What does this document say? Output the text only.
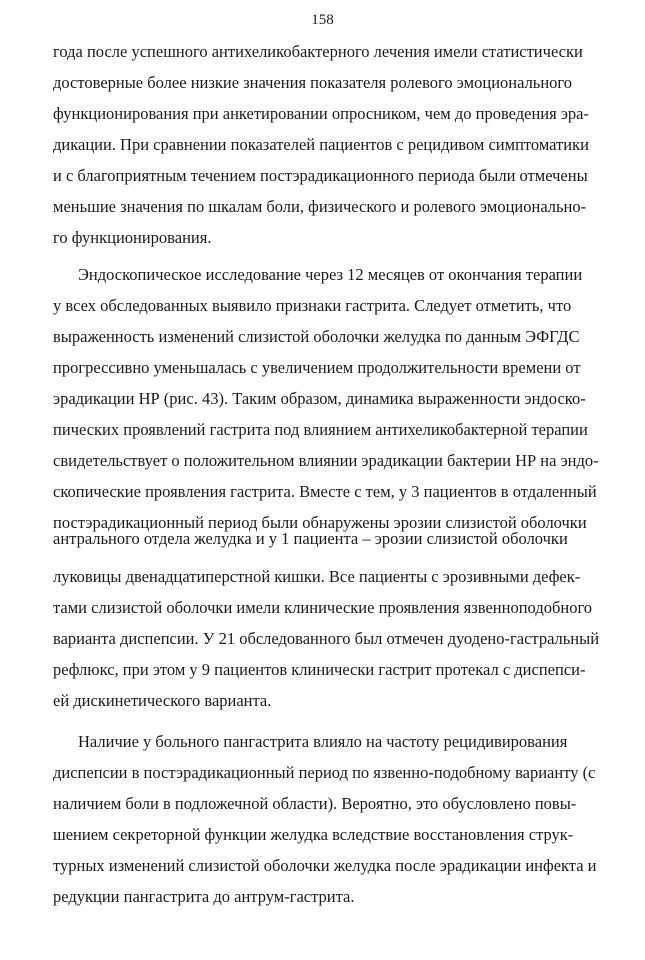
158
года после успешного антихеликобактерного лечения имели статистически
достоверные более низкие значения показателя ролевого эмоционального
функционирования при анкетировании опросником, чем до проведения эра-
дикации. При сравнении показателей пациентов с рецидивом симптоматики
и с благоприятным течением постэрадикационного периода были отмечены
меньшие значения по шкалам боли, физического и ролевого эмоционально-
го функционирования.
Эндоскопическое исследование через 12 месяцев от окончания терапии
у всех обследованных выявило признаки гастрита. Следует отметить, что
выраженность изменений слизистой оболочки желудка по данным ЭФГДС
прогрессивно уменьшалась с увеличением продолжительности времени от
эрадикации НР (рис. 43). Таким образом, динамика выраженности эндоско-
пических проявлений гастрита под влиянием антихеликобактерной терапии
свидетельствует о положительном влиянии эрадикации бактерии НР на эндо-
скопические проявления гастрита. Вместе с тем, у 3 пациентов в отдаленный
постэрадикационный период были обнаружены эрозии слизистой оболочки
антрального отдела желудка и у 1 пациента – эрозии слизистой оболочки
луковицы двенадцатиперстной кишки. Все пациенты с эрозивными дефек-
тами слизистой оболочки имели клинические проявления язвенноподобного
варианта диспепсии. У 21 обследованного был отмечен дуодено-гастральный
рефлюкс, при этом у 9 пациентов клинически гастрит протекал с диспепси-
ей дискинетического варианта.
Наличие у больного пангастрита влияло на частоту рецидивирования
диспепсии в постэрадикационный период по язвенно-подобному варианту (с
наличием боли в подложечной области). Вероятно, это обусловлено повы-
шением секреторной функции желудка вследствие восстановления струк-
турных изменений слизистой оболочки желудка после эрадикации инфекта и
редукции пангастрита до антрум-гастрита.
